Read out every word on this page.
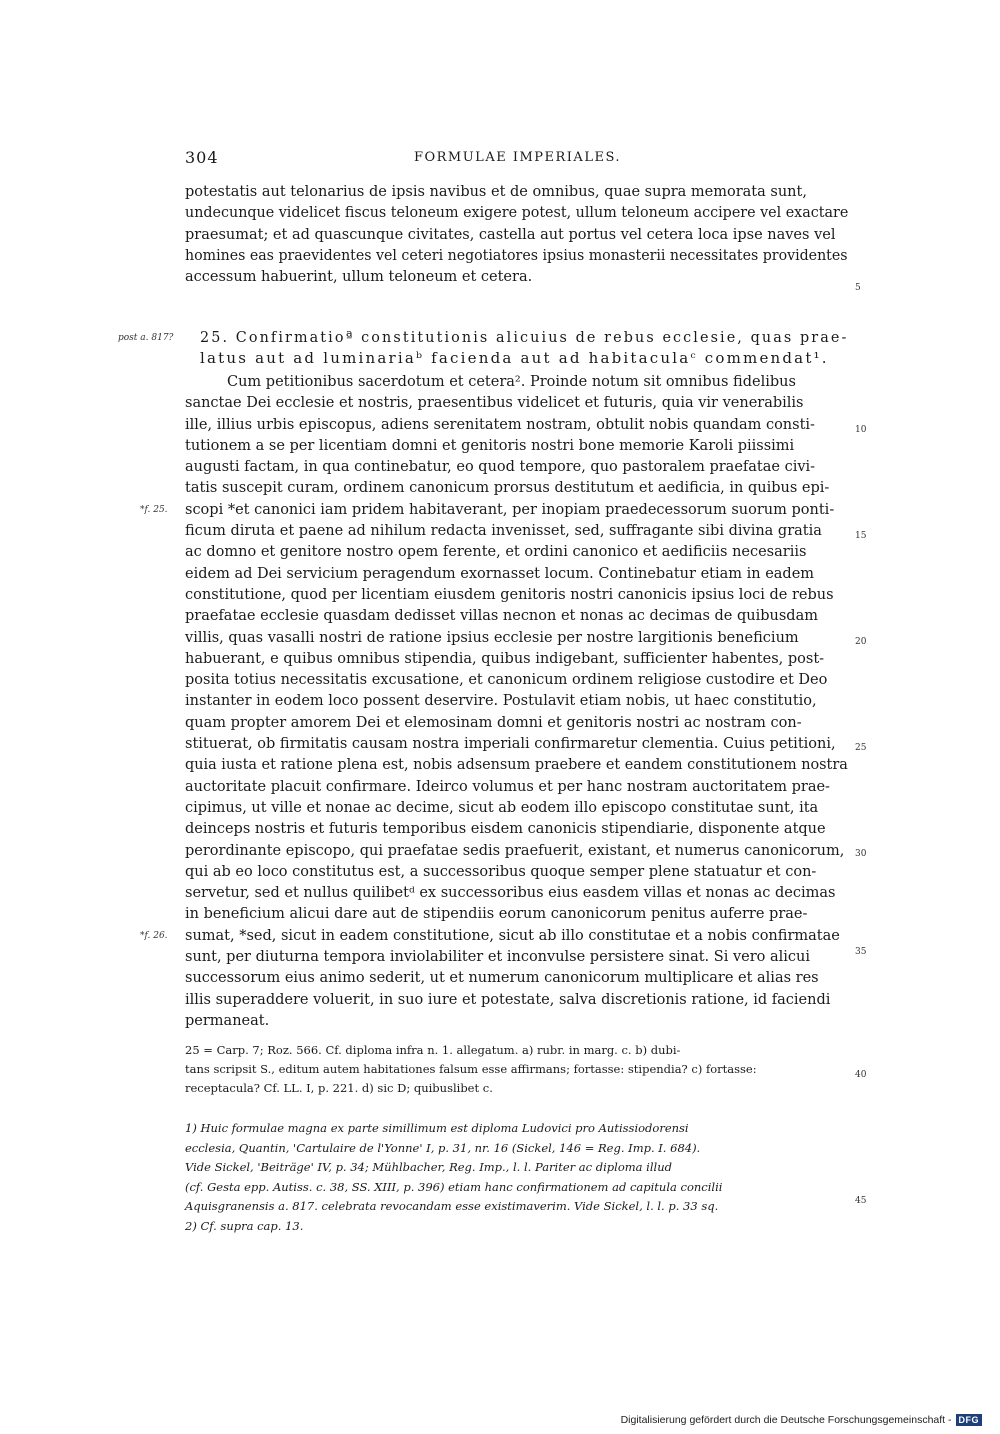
304	FORMULAE IMPERIALES.
potestatis aut telonarius de ipsis navibus et de omnibus, quae supra memorata sunt,
undecunque videlicet fiscus teloneum exigere potest, ullum teloneum accipere vel exactare
praesumat; et ad quascunque civitates, castella aut portus vel cetera loca ipse naves vel
homines eas praevidentes vel ceteri negotiatores ipsius monasterii necessitates providentes
accessum habuerint, ullum teloneum et cetera.
post a. 817? 25. Confirmatioª constitutionis alicuius de rebus ecclesie, quas prae-
latus aut ad luminariaᵇ facienda aut ad habitaculaᶜ commendat¹.
Cum petitionibus sacerdotum et cetera². Proinde notum sit omnibus fidelibus
sanctae Dei ecclesie et nostris, praesentibus videlicet et futuris, quia vir venerabilis
ille, illius urbis episcopus, adiens serenitatem nostram, obtulit nobis quandam consti-
tutionem a se per licentiam domni et genitoris nostri bone memorie Karoli piissimi
augusti factam, in qua continebatur, eo quod tempore, quo pastoralem praefatae civi-
tatis suscepit curam, ordinem canonicum prorsus destitutum et aedificia, in quibus epi-
scopi *et canonici iam pridem habitaverant, per inopiam praedecessorum suorum ponti-
ficum diruta et paene ad nihilum redacta invenisset, sed, suffragante sibi divina gratia
ac domno et genitore nostro opem ferente, et ordini canonico et aedificiis necesariis
eidem ad Dei servicium peragendum exornasset locum. Continebatur etiam in eadem
constitutione, quod per licentiam eiusdem genitoris nostri canonicis ipsius loci de rebus
praefatae ecclesie quasdam dedisset villas necnon et nonas ac decimas de quibusdam
villis, quas vasalli nostri de ratione ipsius ecclesie per nostre largitionis beneficium
habuerant, e quibus omnibus stipendia, quibus indigebant, sufficienter habentes, post-
posita totius necessitatis excusatione, et canonicum ordinem religiose custodire et Deo
instanter in eodem loco possent deservire. Postulavit etiam nobis, ut haec constitutio,
quam propter amorem Dei et elemosinam domni et genitoris nostri ac nostram con-
stituerat, ob firmitatis causam nostra imperiali confirmaretur clementia. Cuius petitioni,
quia iusta et ratione plena est, nobis adsensum praebere et eandem constitutionem nostra
auctoritate placuit confirmare. Ideirco volumus et per hanc nostram auctoritatem prae-
cipimus, ut ville et nonae ac decime, sicut ab eodem illo episcopo constitutae sunt, ita
deinceps nostris et futuris temporibus eisdem canonicis stipendiarie, disponente atque
perordinante episcopo, qui praefatae sedis praefuerit, existant, et numerus canonicorum,
qui ab eo loco constitutus est, a successoribus quoque semper plene statuatur et con-
servetur, sed et nullus quilibetᵈ ex successoribus eius easdem villas et nonas ac decimas
in beneficium alicui dare aut de stipendiis eorum canonicorum penitus auferre prae-
sumat, *sed, sicut in eadem constitutione, sicut ab illo constitutae et a nobis confirmatae
sunt, per diuturna tempora inviolabiliter et inconvulse persistere sinat. Si vero alicui
successorum eius animo sederit, ut et numerum canonicorum multiplicare et alias res
illis superaddere voluerit, in suo iure et potestate, salva discretionis ratione, id faciendi
permaneat.
*f. 25.
*f. 26.
5
10
15
20
25
30
35
40
45
25 = Carp. 7; Roz. 566. Cf. diploma infra n. 1. allegatum. a) rubr. in marg. c. b) dubi-
tans scripsit S., editum autem habitationes falsum esse affirmans; fortasse: stipendia? c) fortasse:
receptacula? Cf. LL. I, p. 221. d) sic D; quibuslibet c.
1) Huic formulae magna ex parte simillimum est diploma Ludovici pro Autissiodorensi
ecclesia, Quantin, 'Cartulaire de l'Yonne' I, p. 31, nr. 16 (Sickel, 146 = Reg. Imp. I. 684).
Vide Sickel, 'Beiträge' IV, p. 34; Mühlbacher, Reg. Imp., l. l. Pariter ac diploma illud
(cf. Gesta epp. Autiss. c. 38, SS. XIII, p. 396) etiam hanc confirmationem ad capitula concilii
Aquisgranensis a. 817. celebrata revocandam esse existimaverim. Vide Sickel, l. l. p. 33 sq.
2) Cf. supra cap. 13.
Digitalisierung gefördert durch die Deutsche Forschungsgemeinschaft - DFG
